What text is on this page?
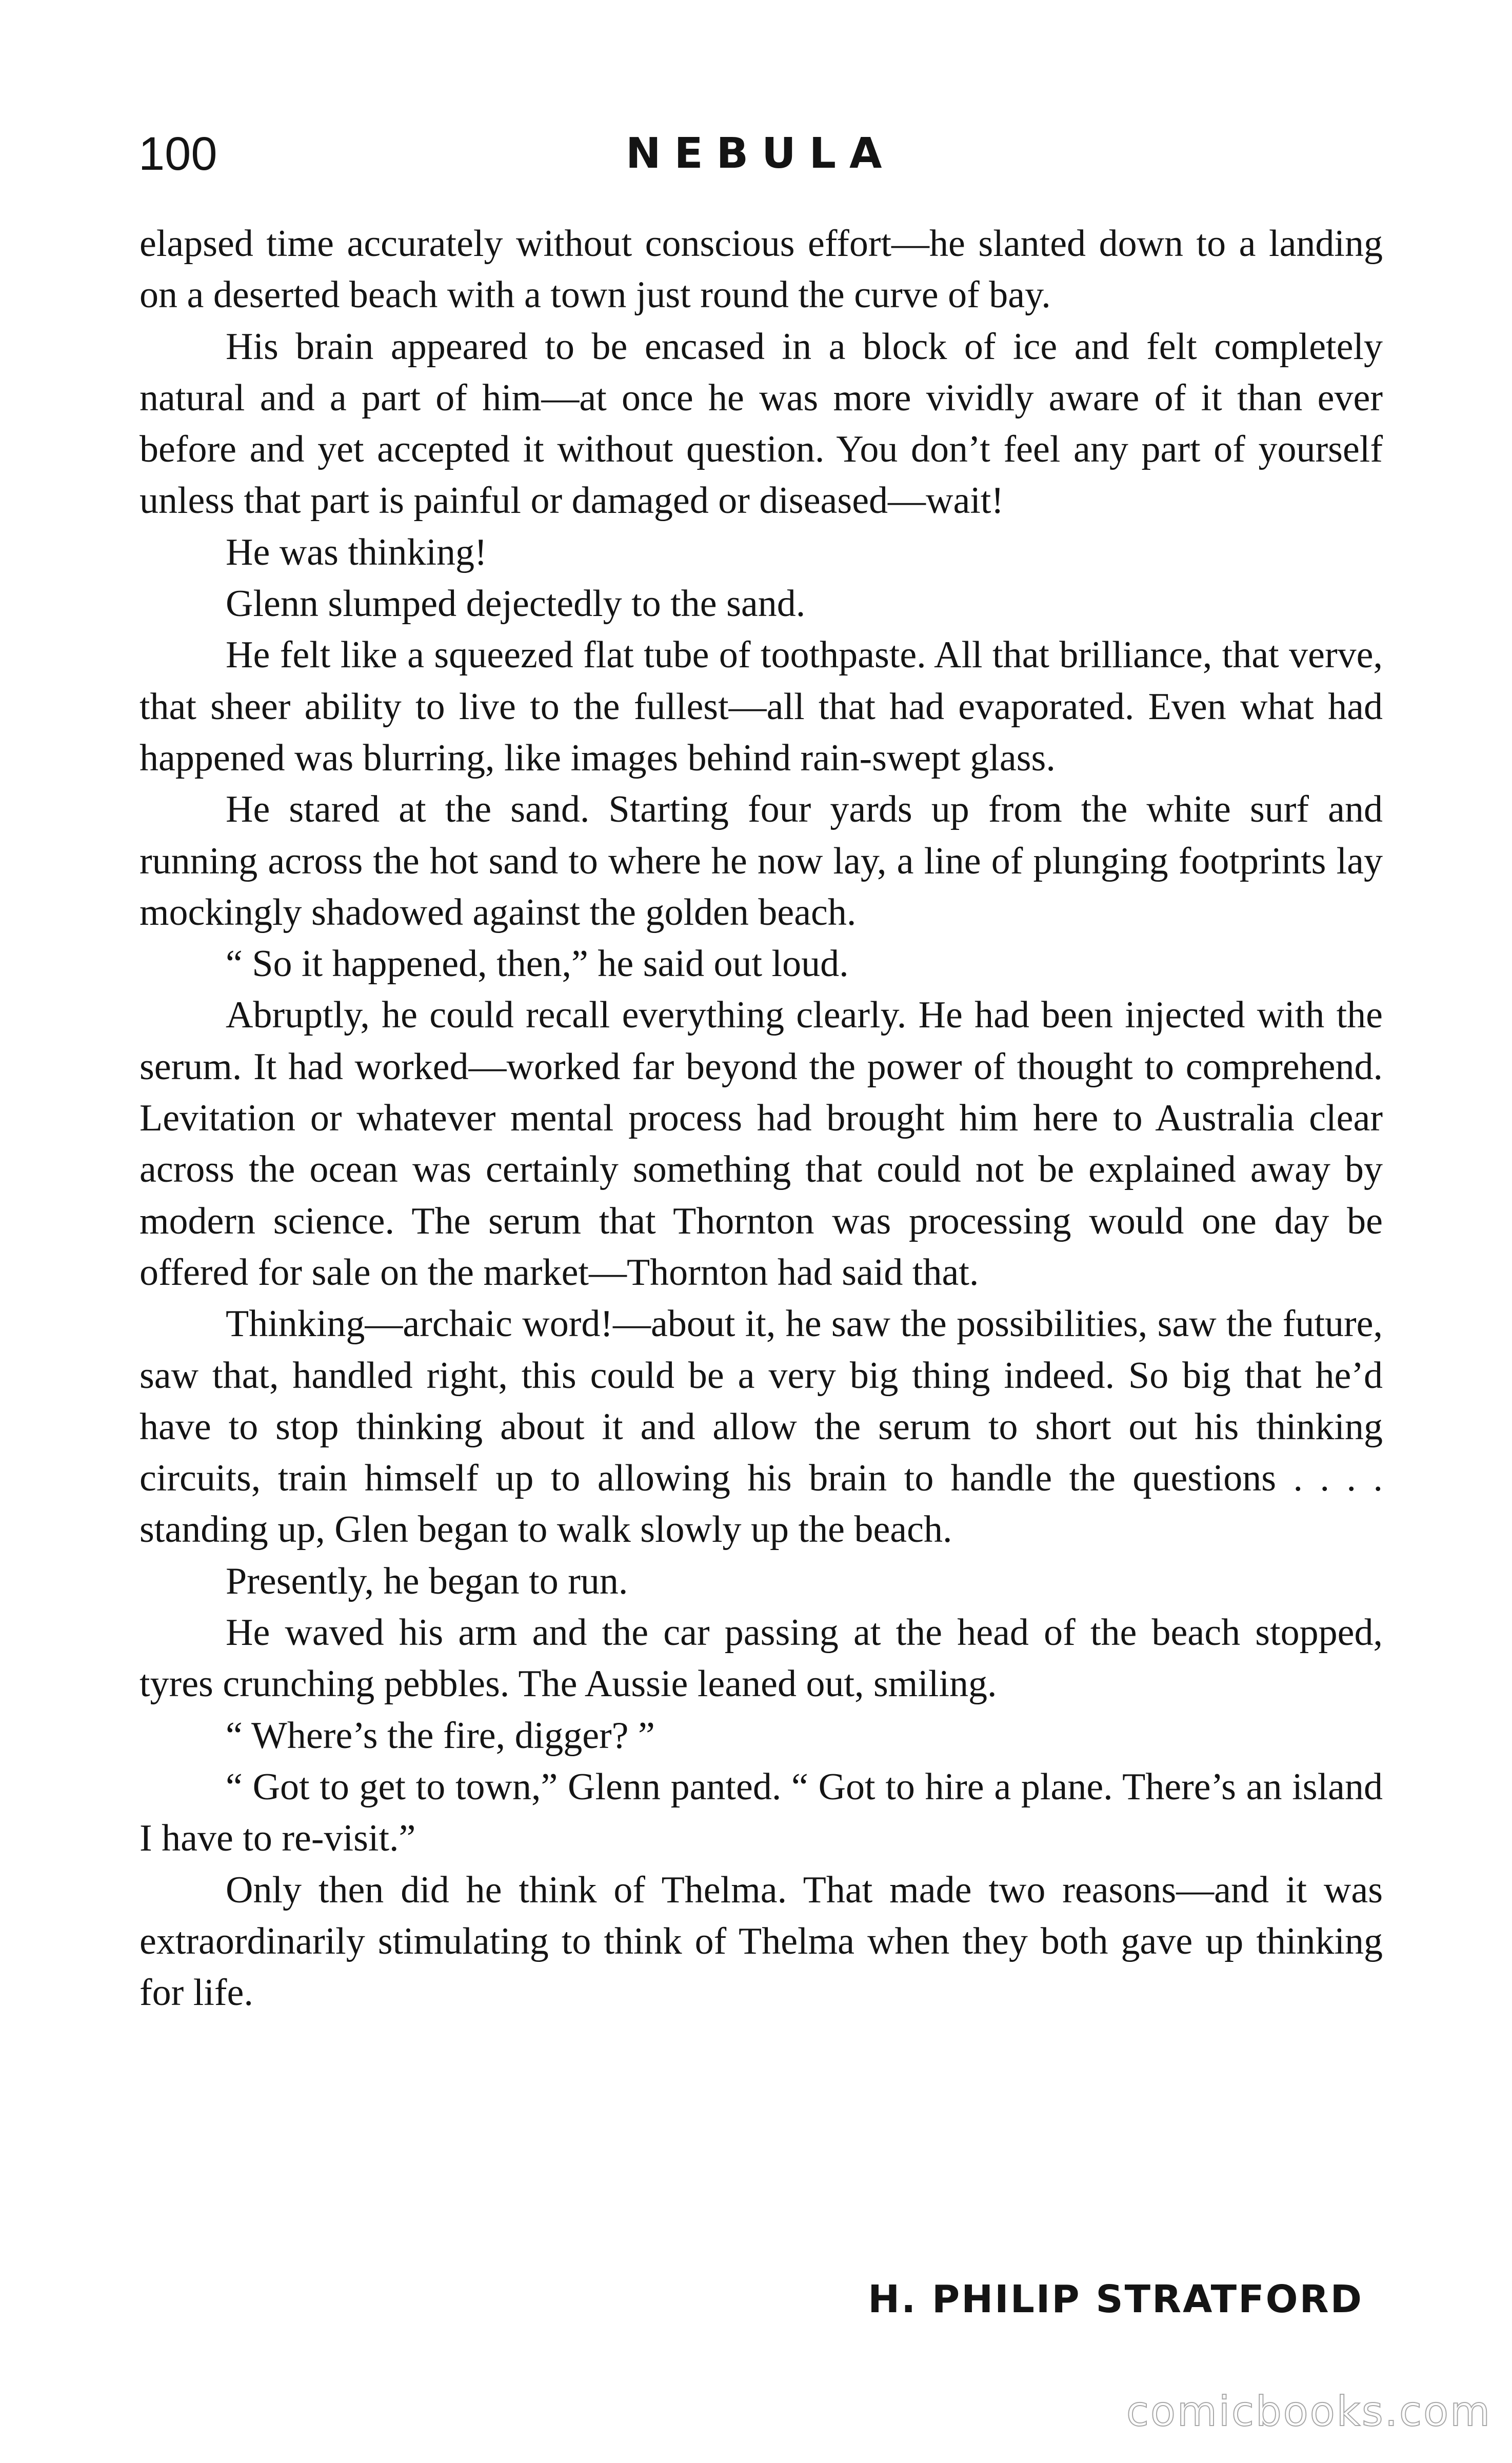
100	NEBULA

elapsed time accurately without conscious effort—he slanted down to a landing on a deserted beach with a town just round the curve of bay.

His brain appeared to be encased in a block of ice and felt completely natural and a part of him—at once he was more vividly aware of it than ever before and yet accepted it without question. You don’t feel any part of yourself unless that part is painful or damaged or diseased—wait!

He was thinking!

Glenn slumped dejectedly to the sand.

He felt like a squeezed flat tube of toothpaste. All that brilliance, that verve, that sheer ability to live to the fullest—all that had evaporated. Even what had happened was blurring, like images behind rain-swept glass.

He stared at the sand. Starting four yards up from the white surf and running across the hot sand to where he now lay, a line of plunging footprints lay mockingly shadowed against the golden beach.

“ So it happened, then,” he said out loud.

Abruptly, he could recall everything clearly. He had been injected with the serum. It had worked—worked far beyond the power of thought to comprehend. Levitation or whatever mental process had brought him here to Australia clear across the ocean was certainly something that could not be explained away by modern science. The serum that Thornton was processing would one day be offered for sale on the market—Thornton had said that.

Thinking—archaic word!—about it, he saw the possibilities, saw the future, saw that, handled right, this could be a very big thing indeed. So big that he’d have to stop thinking about it and allow the serum to short out his thinking circuits, train himself up to allowing his brain to handle the questions . . . . standing up, Glen began to walk slowly up the beach.

Presently, he began to run.

He waved his arm and the car passing at the head of the beach stopped, tyres crunching pebbles. The Aussie leaned out, smiling.

“ Where’s the fire, digger? ”

“ Got to get to town,” Glenn panted. “ Got to hire a plane. There’s an island I have to re-visit.”

Only then did he think of Thelma. That made two reasons—and it was extraordinarily stimulating to think of Thelma when they both gave up thinking for life.

H. PHILIP STRATFORD
comicbooks.com
